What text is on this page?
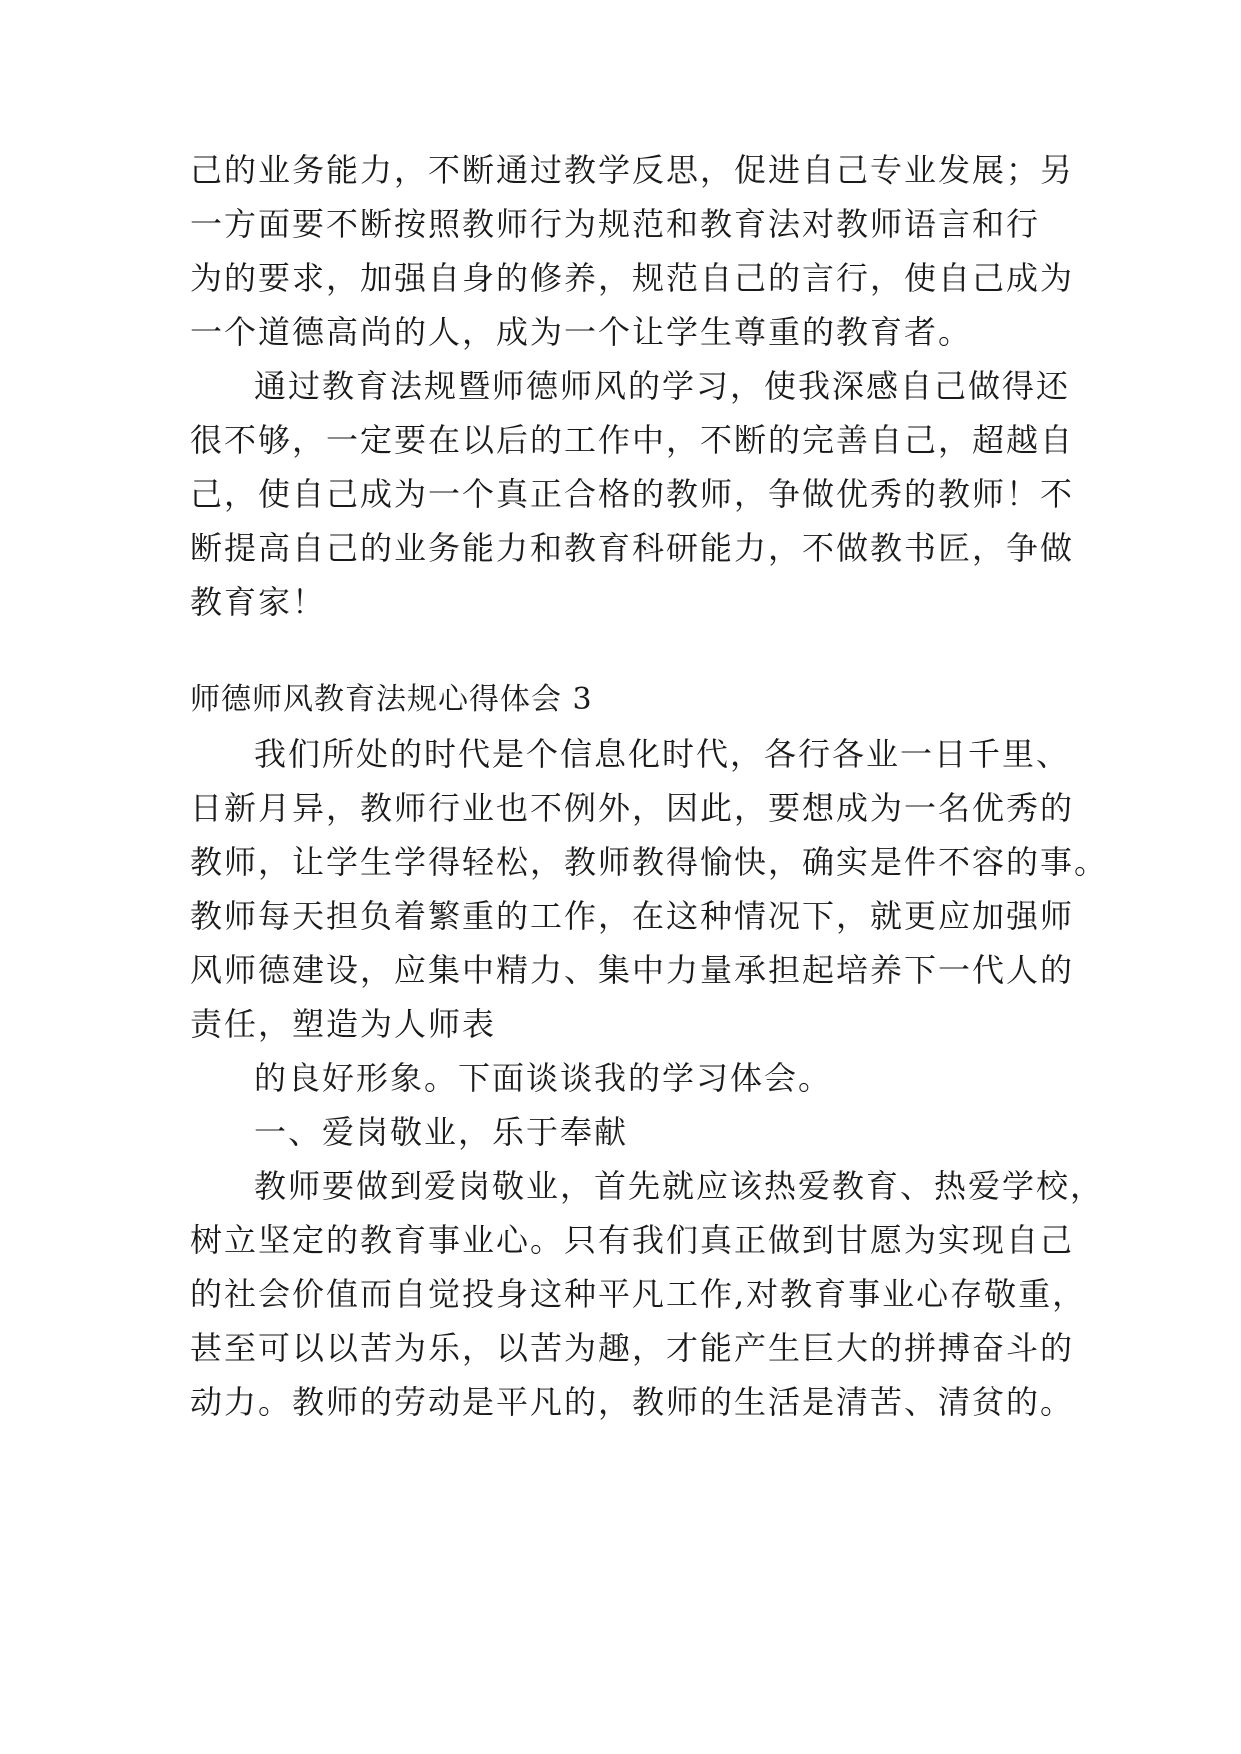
己的业务能力，不断通过教学反思，促进自己专业发展；另
一方面要不断按照教师行为规范和教育法对教师语言和行
为的要求，加强自身的修养，规范自己的言行，使自己成为
一个道德高尚的人，成为一个让学生尊重的教育者。
通过教育法规暨师德师风的学习，使我深感自己做得还
很不够，一定要在以后的工作中，不断的完善自己，超越自
己，使自己成为一个真正合格的教师，争做优秀的教师！不
断提高自己的业务能力和教育科研能力，不做教书匠，争做
教育家！
师德师风教育法规心得体会 3
我们所处的时代是个信息化时代，各行各业一日千里、
日新月异，教师行业也不例外，因此，要想成为一名优秀的
教师，让学生学得轻松，教师教得愉快，确实是件不容的事。
教师每天担负着繁重的工作，在这种情况下，就更应加强师
风师德建设，应集中精力、集中力量承担起培养下一代人的
责任，塑造为人师表
的良好形象。下面谈谈我的学习体会。
一、爱岗敬业，乐于奉献
教师要做到爱岗敬业，首先就应该热爱教育、热爱学校，
树立坚定的教育事业心。只有我们真正做到甘愿为实现自己
的社会价值而自觉投身这种平凡工作,对教育事业心存敬重，
甚至可以以苦为乐，以苦为趣，才能产生巨大的拼搏奋斗的
动力。教师的劳动是平凡的，教师的生活是清苦、清贫的。
